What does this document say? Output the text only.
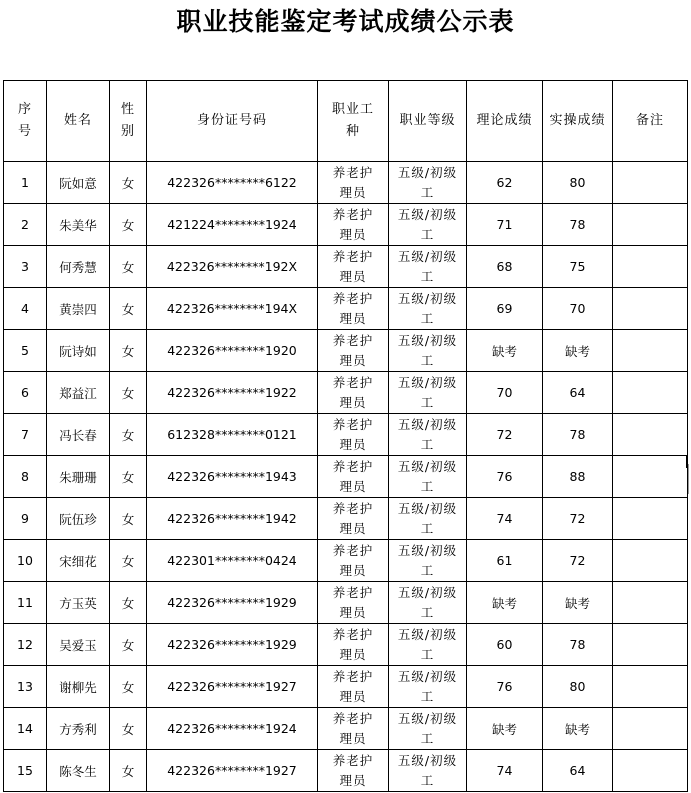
职业技能鉴定考试成绩公示表
序号	姓名	性别	身份证号码	职业工种	职业等级	理论成绩	实操成绩	备注

1	阮如意	女	422326********6122	养老护理员	五级/初级工	62	80	
2	朱美华	女	421224********1924	养老护理员	五级/初级工	71	78	
3	何秀慧	女	422326********192X	养老护理员	五级/初级工	68	75	
4	黄崇四	女	422326********194X	养老护理员	五级/初级工	69	70	
5	阮诗如	女	422326********1920	养老护理员	五级/初级工	缺考	缺考	
6	郑益江	女	422326********1922	养老护理员	五级/初级工	70	64	
7	冯长春	女	612328********0121	养老护理员	五级/初级工	72	78	
8	朱珊珊	女	422326********1943	养老护理员	五级/初级工	76	88	
9	阮伍珍	女	422326********1942	养老护理员	五级/初级工	74	72	
10	宋细花	女	422301********0424	养老护理员	五级/初级工	61	72	
11	方玉英	女	422326********1929	养老护理员	五级/初级工	缺考	缺考	
12	吴爱玉	女	422326********1929	养老护理员	五级/初级工	60	78	
13	谢柳先	女	422326********1927	养老护理员	五级/初级工	76	80	
14	方秀利	女	422326********1924	养老护理员	五级/初级工	缺考	缺考	
15	陈冬生	女	422326********1927	养老护理员	五级/初级工	74	64	
